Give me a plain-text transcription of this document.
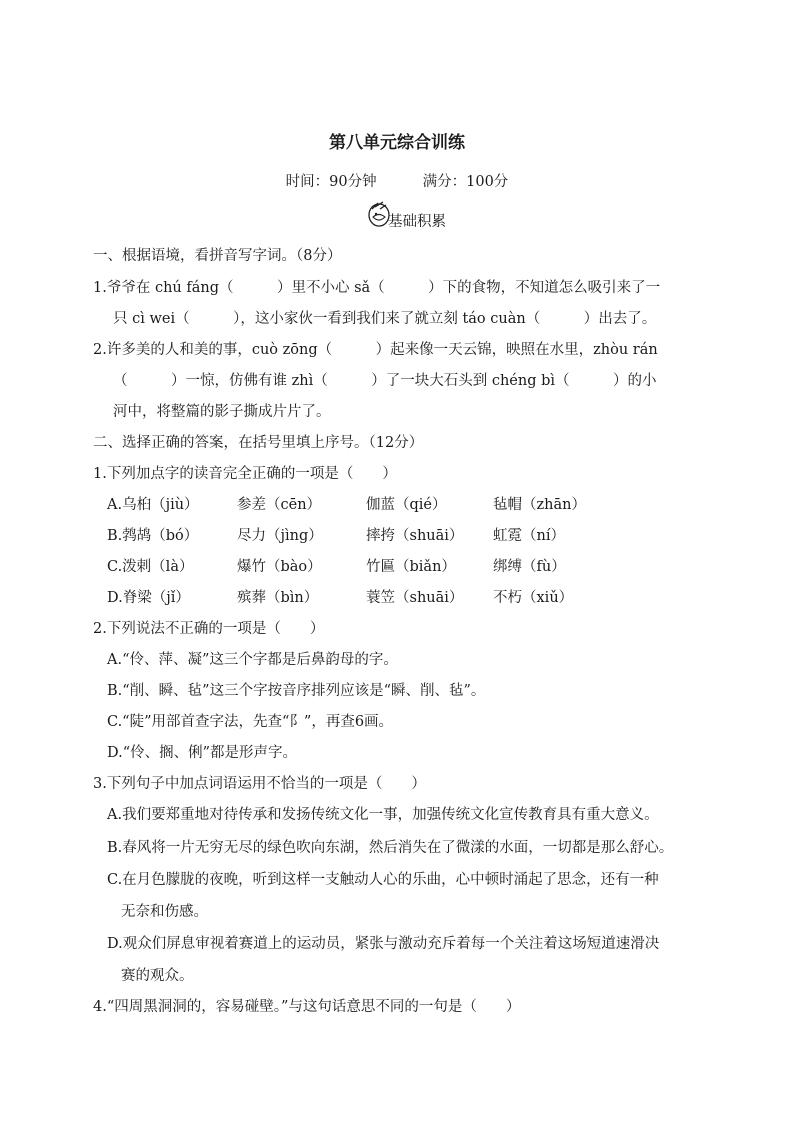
第八单元综合训练
时间：90分钟	满分：100分
基础积累
一、根据语境，看拼音写字词。（8分）
1.爷爷在 chú fáng（　　　）里不小心 sǎ（　　　）下的食物，不知道怎么吸引来了一
只 cì wei（　　　），这小家伙一看到我们来了就立刻 táo cuàn（　　　）出去了。
2.许多美的人和美的事，cuò zōng（　　　）起来像一天云锦，映照在水里，zhòu rán
（　　　）一惊，仿佛有谁 zhì（　　　）了一块大石头到 chéng bì（　　　）的小
河中，将整篇的影子撕成片片了。
二、选择正确的答案，在括号里填上序号。（12分）
1.下列加点字的读音完全正确的一项是（　　）
A.乌桕（jiù）	参差（cēn）	伽蓝（qié）	毡帽（zhān）
B.鹁鸪（bó）	尽力（jìng）	摔挎（shuāi） 虹霓（ní）
C.泼剌（là）	爆竹（bào）	竹匾（biǎn）	绑缚（fù）
D.脊梁（jǐ）	殡葬（bìn）	蓑笠（shuāi） 不朽（xiǔ）
2.下列说法不正确的一项是（　　）
A.“伶、萍、凝”这三个字都是后鼻韵母的字。
B.“削、瞬、毡”这三个字按音序排列应该是“瞬、削、毡”。
C.“陡”用部首查字法，先查“阝”，再查6画。
D.“伶、搁、俐”都是形声字。
3.下列句子中加点词语运用不恰当的一项是（　　）
A.我们要郑重地对待传承和发扬传统文化一事，加强传统文化宣传教育具有重大意义。
B.春风将一片无穷无尽的绿色吹向东湖，然后消失在了微漾的水面，一切都是那么舒心。
C.在月色朦胧的夜晚，听到这样一支触动人心的乐曲，心中顿时涌起了思念，还有一种
无奈和伤感。
D.观众们屏息审视着赛道上的运动员，紧张与激动充斥着每一个关注着这场短道速滑决
赛的观众。
4.“四周黑洞洞的，容易碰壁。”与这句话意思不同的一句是（　　）
